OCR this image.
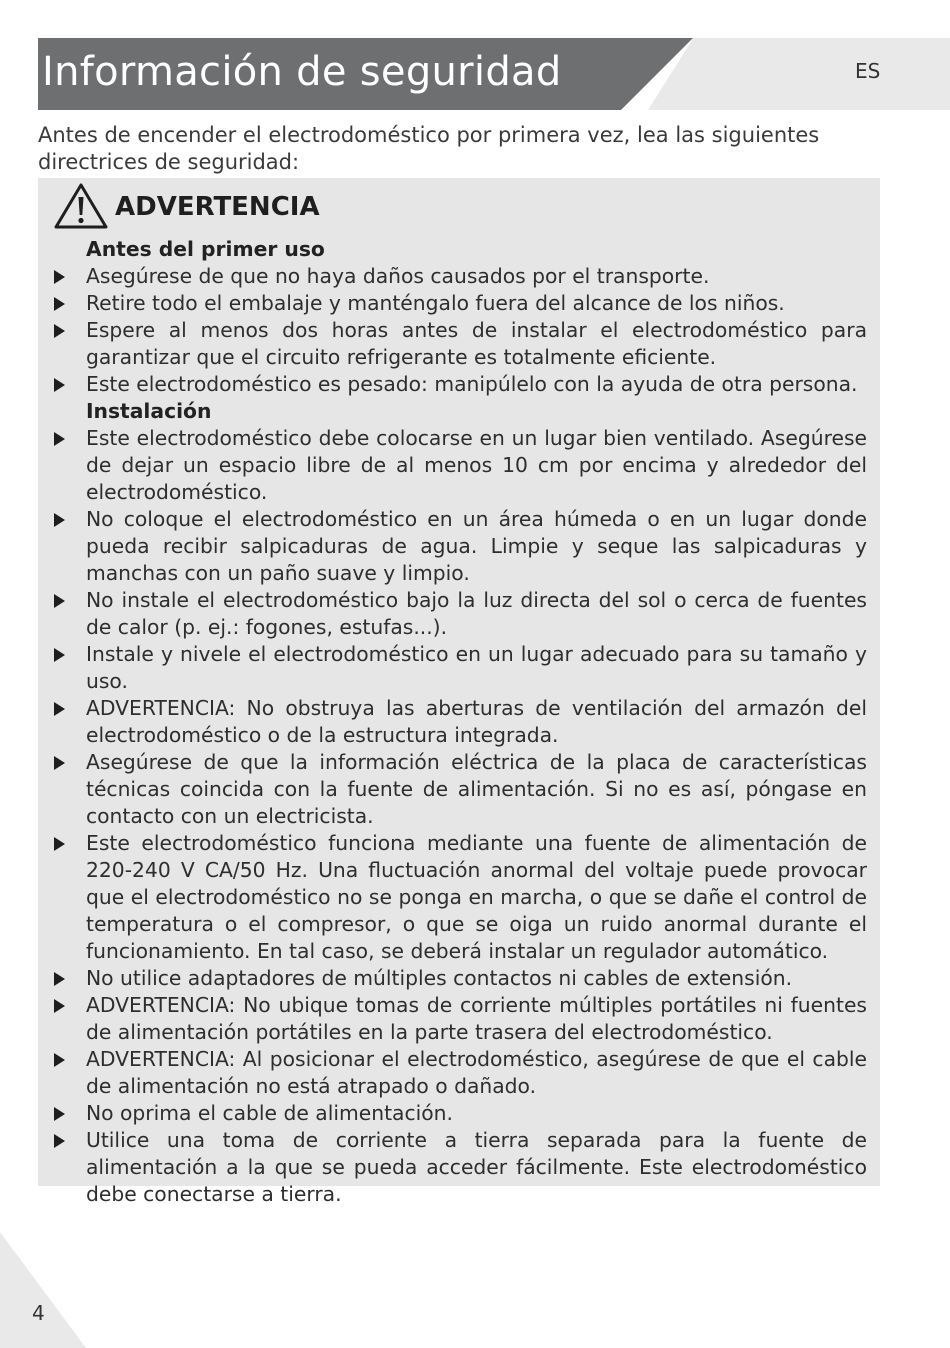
Información de seguridad	ES

Antes de encender el electrodoméstico por primera vez, lea las siguientes directrices de seguridad:

ADVERTENCIA

Antes del primer uso

Asegúrese de que no haya daños causados por el transporte.
Retire todo el embalaje y manténgalo fuera del alcance de los niños.
Espere al menos dos horas antes de instalar el electrodoméstico para garantizar que el circuito refrigerante es totalmente eficiente.
Este electrodoméstico es pesado: manipúlelo con la ayuda de otra persona.

Instalación

Este electrodoméstico debe colocarse en un lugar bien ventilado. Asegúrese de dejar un espacio libre de al menos 10 cm por encima y alrededor del electrodoméstico.
No coloque el electrodoméstico en un área húmeda o en un lugar donde pueda recibir salpicaduras de agua. Limpie y seque las salpicaduras y manchas con un paño suave y limpio.
No instale el electrodoméstico bajo la luz directa del sol o cerca de fuentes de calor (p. ej.: fogones, estufas...).
Instale y nivele el electrodoméstico en un lugar adecuado para su tamaño y uso.
ADVERTENCIA: No obstruya las aberturas de ventilación del armazón del electrodoméstico o de la estructura integrada.
Asegúrese de que la información eléctrica de la placa de características técnicas coincida con la fuente de alimentación. Si no es así, póngase en contacto con un electricista.
Este electrodoméstico funciona mediante una fuente de alimentación de 220-240 V CA/50 Hz. Una fluctuación anormal del voltaje puede provocar que el electrodoméstico no se ponga en marcha, o que se dañe el control de temperatura o el compresor, o que se oiga un ruido anormal durante el funcionamiento. En tal caso, se deberá instalar un regulador automático.
No utilice adaptadores de múltiples contactos ni cables de extensión.
ADVERTENCIA: No ubique tomas de corriente múltiples portátiles ni fuentes de alimentación portátiles en la parte trasera del electrodoméstico.
ADVERTENCIA: Al posicionar el electrodoméstico, asegúrese de que el cable de alimentación no está atrapado o dañado.
No oprima el cable de alimentación.
Utilice una toma de corriente a tierra separada para la fuente de alimentación a la que se pueda acceder fácilmente. Este electrodoméstico debe conectarse a tierra.
4
